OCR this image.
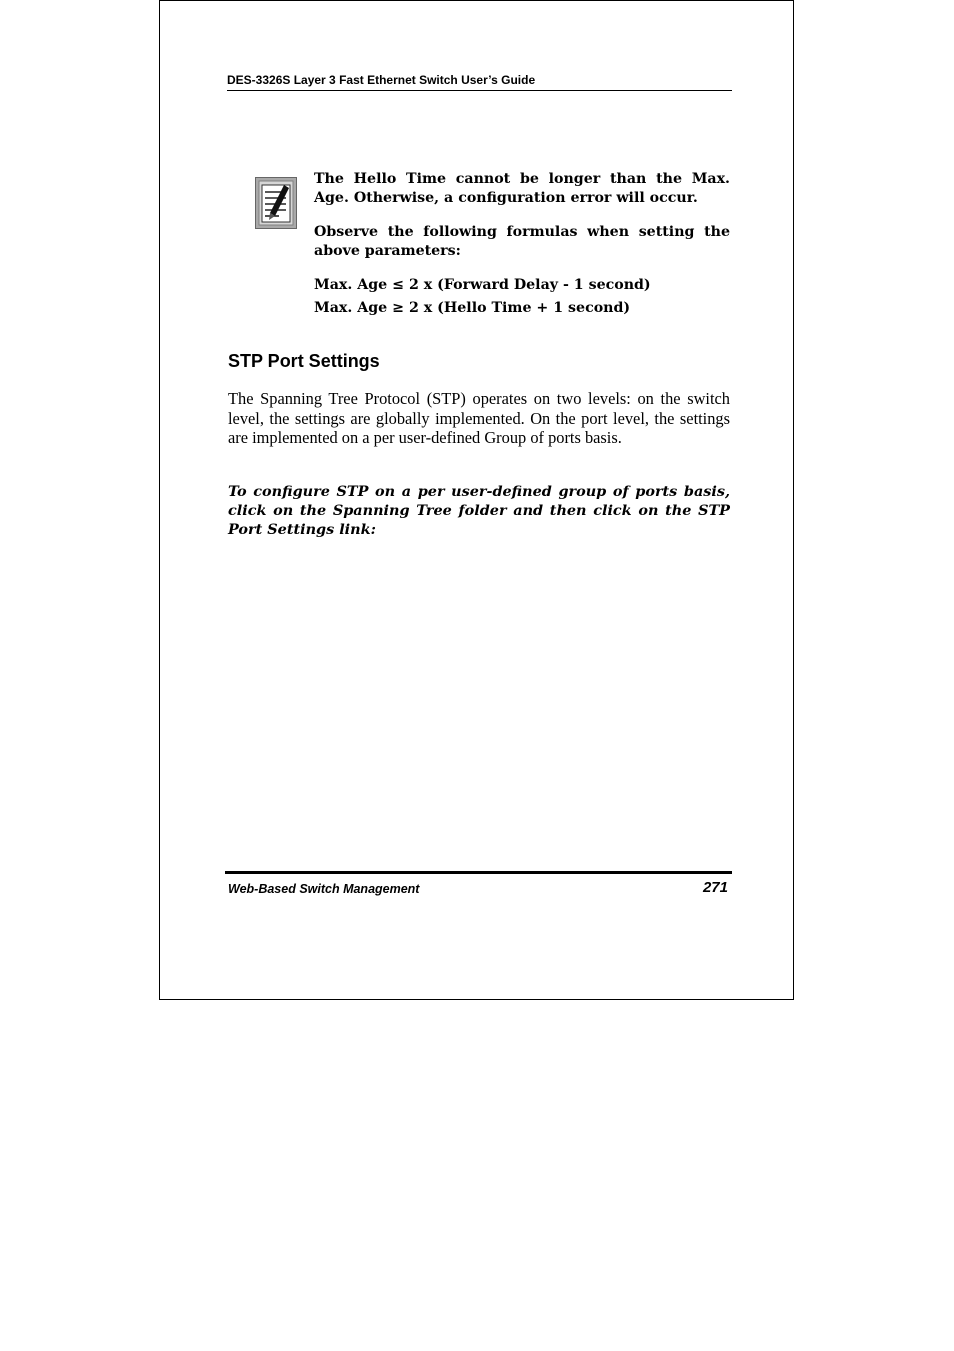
DES-3326S Layer 3 Fast Ethernet Switch User’s Guide

The Hello Time cannot be longer than the Max. Age. Otherwise, a configuration error will occur.

Observe the following formulas when setting the above parameters:

Max. Age ≤ 2 x (Forward Delay - 1 second)

Max. Age ≥ 2 x (Hello Time + 1 second)

STP Port Settings

The Spanning Tree Protocol (STP) operates on two levels: on the switch level, the settings are globally implemented. On the port level, the settings are implemented on a per user-defined Group of ports basis.

To configure STP on a per user-defined group of ports basis, click on the Spanning Tree folder and then click on the STP Port Settings link:

Web-Based Switch Management	271
